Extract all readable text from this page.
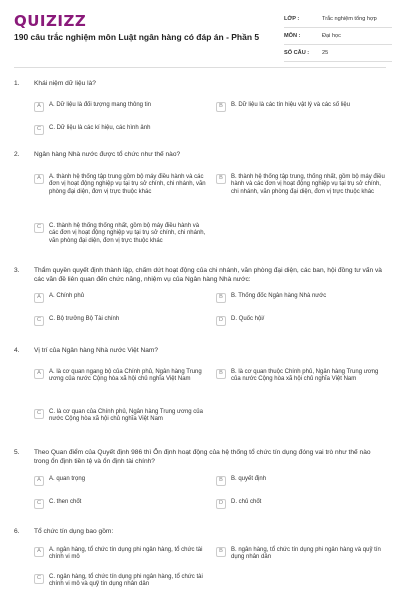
QUIZIZZ
190 câu trắc nghiệm môn Luật ngân hàng có đáp án - Phần 5
LỚP :	Trắc nghiệm tổng hợp
MÔN :	Đại học
SỐ CÂU :	25
1.	Khái niệm dữ liệu là?
A	A. Dữ liệu là đối tượng mang thông tin	B	B. Dữ liệu là các tín hiệu vật lý và các số liệu
C	C. Dữ liệu là các kí hiệu, các hình ảnh
2.	Ngân hàng Nhà nước được tổ chức như thế nào?
A	A. thành hệ thống tập trung gồm bộ máy điều hành và các đơn vị hoạt động nghiệp vụ tại trụ sở chính, chi nhánh, văn phòng đại diện, đơn vị trực thuộc khác
B	B. thành hệ thống tập trung, thống nhất, gồm bộ máy điều hành và các đơn vị hoạt động nghiệp vụ tại trụ sở chính, chi nhánh, văn phòng đại diện, đơn vị trực thuộc khác
C	C. thành hệ thống thống nhất, gồm bộ máy điều hành và các đơn vị hoạt động nghiệp vụ tại trụ sở chính, chi nhánh, văn phòng đại diện, đơn vị trực thuộc khác
3.	Thẩm quyền quyết định thành lập, chấm dứt hoạt động của chi nhánh, văn phòng đại diện, các ban, hội đồng tư vấn và các văn đề liên quan đến chức năng, nhiệm vụ của Ngân hàng Nhà nước:
A	A. Chính phủ	B	B. Thống đốc Ngân hàng Nhà nước
C	C. Bộ trưởng Bộ Tài chính	D	D. Quốc hội/
4.	Vị trí của Ngân hàng Nhà nước Việt Nam?
A	A. là cơ quan ngang bộ của Chính phủ, Ngân hàng Trung ương của nước Cộng hòa xã hội chủ nghĩa Việt Nam
B	B. là cơ quan thuộc Chính phủ, Ngân hàng Trung ương của nước Cộng hòa xã hội chủ nghĩa Việt Nam
C	C. là cơ quan của Chính phủ, Ngân hàng Trung ương của nước Cộng hòa xã hội chủ nghĩa Việt Nam
5.	Theo Quan điểm của Quyết định 986 thì Ổn định hoạt động của hệ thống tổ chức tín dụng đóng vai trò như thế nào trong ổn định tiền tệ và ổn định tài chính?
A	A. quan trọng	B	B. quyết định
C	C. then chốt	D	D. chủ chốt
6.	Tổ chức tín dụng bao gồm:
A	A. ngân hàng, tổ chức tín dụng phi ngân hàng, tổ chức tài chính vi mô
B	B. ngân hàng, tổ chức tín dụng phi ngân hàng và quỹ tín dụng nhân dân
C	C. ngân hàng, tổ chức tín dụng phi ngân hàng, tổ chức tài chính vi mô và quỹ tín dụng nhân dân
